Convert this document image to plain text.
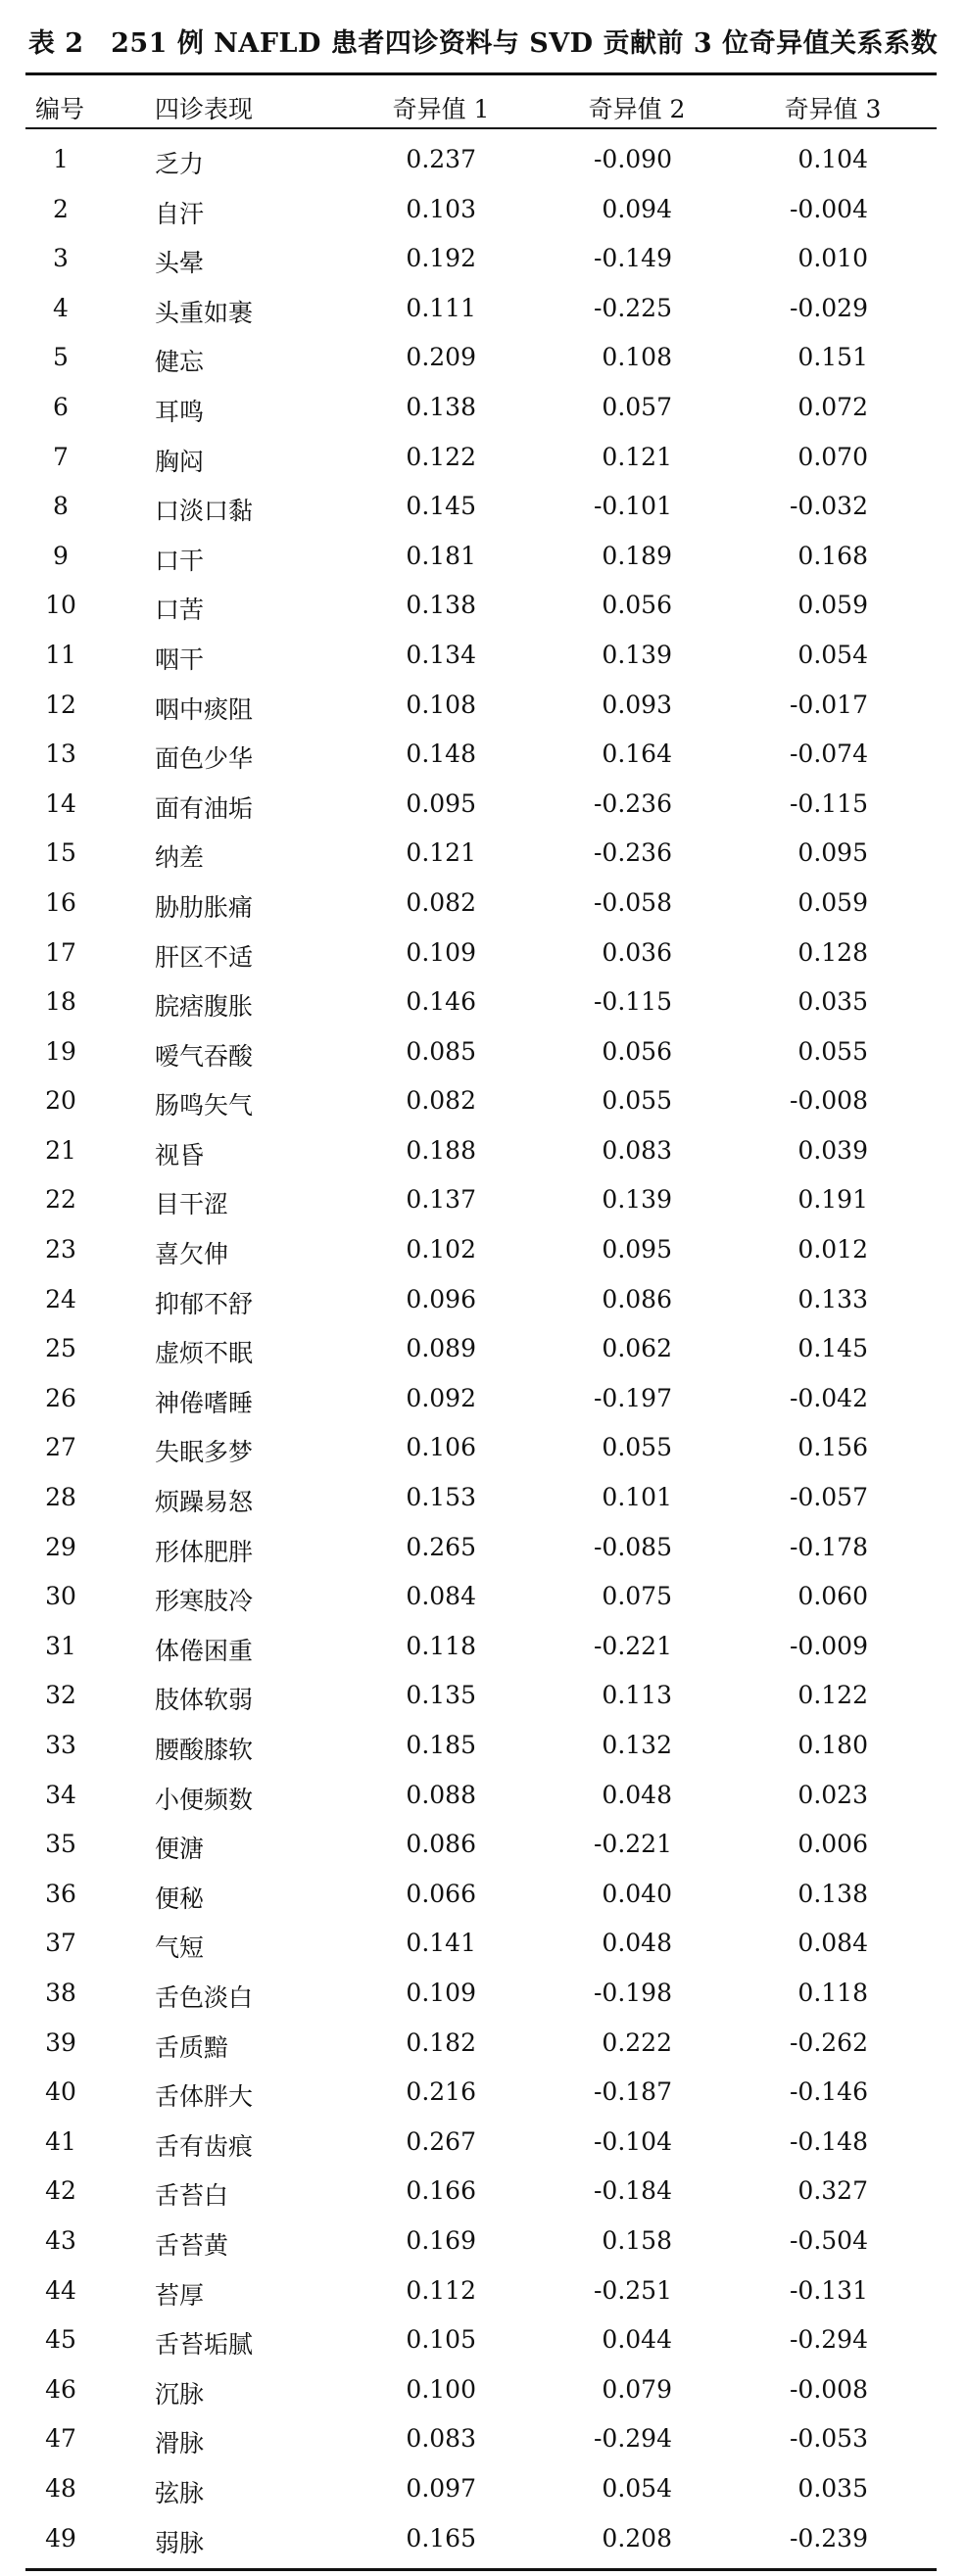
表 2　251 例 NAFLD 患者四诊资料与 SVD 贡献前 3 位奇异值关系系数
编号	四诊表现	奇异值 1	奇异值 2	奇异值 3
1	乏力	0.237	-0.090	0.104
2	自汗	0.103	0.094	-0.004
3	头晕	0.192	-0.149	0.010
4	头重如裹	0.111	-0.225	-0.029
5	健忘	0.209	0.108	0.151
6	耳鸣	0.138	0.057	0.072
7	胸闷	0.122	0.121	0.070
8	口淡口黏	0.145	-0.101	-0.032
9	口干	0.181	0.189	0.168
10	口苦	0.138	0.056	0.059
11	咽干	0.134	0.139	0.054
12	咽中痰阻	0.108	0.093	-0.017
13	面色少华	0.148	0.164	-0.074
14	面有油垢	0.095	-0.236	-0.115
15	纳差	0.121	-0.236	0.095
16	胁肋胀痛	0.082	-0.058	0.059
17	肝区不适	0.109	0.036	0.128
18	脘痞腹胀	0.146	-0.115	0.035
19	嗳气吞酸	0.085	0.056	0.055
20	肠鸣矢气	0.082	0.055	-0.008
21	视昏	0.188	0.083	0.039
22	目干涩	0.137	0.139	0.191
23	喜欠伸	0.102	0.095	0.012
24	抑郁不舒	0.096	0.086	0.133
25	虚烦不眠	0.089	0.062	0.145
26	神倦嗜睡	0.092	-0.197	-0.042
27	失眠多梦	0.106	0.055	0.156
28	烦躁易怒	0.153	0.101	-0.057
29	形体肥胖	0.265	-0.085	-0.178
30	形寒肢冷	0.084	0.075	0.060
31	体倦困重	0.118	-0.221	-0.009
32	肢体软弱	0.135	0.113	0.122
33	腰酸膝软	0.185	0.132	0.180
34	小便频数	0.088	0.048	0.023
35	便溏	0.086	-0.221	0.006
36	便秘	0.066	0.040	0.138
37	气短	0.141	0.048	0.084
38	舌色淡白	0.109	-0.198	0.118
39	舌质黯	0.182	0.222	-0.262
40	舌体胖大	0.216	-0.187	-0.146
41	舌有齿痕	0.267	-0.104	-0.148
42	舌苔白	0.166	-0.184	0.327
43	舌苔黄	0.169	0.158	-0.504
44	苔厚	0.112	-0.251	-0.131
45	舌苔垢腻	0.105	0.044	-0.294
46	沉脉	0.100	0.079	-0.008
47	滑脉	0.083	-0.294	-0.053
48	弦脉	0.097	0.054	0.035
49	弱脉	0.165	0.208	-0.239
